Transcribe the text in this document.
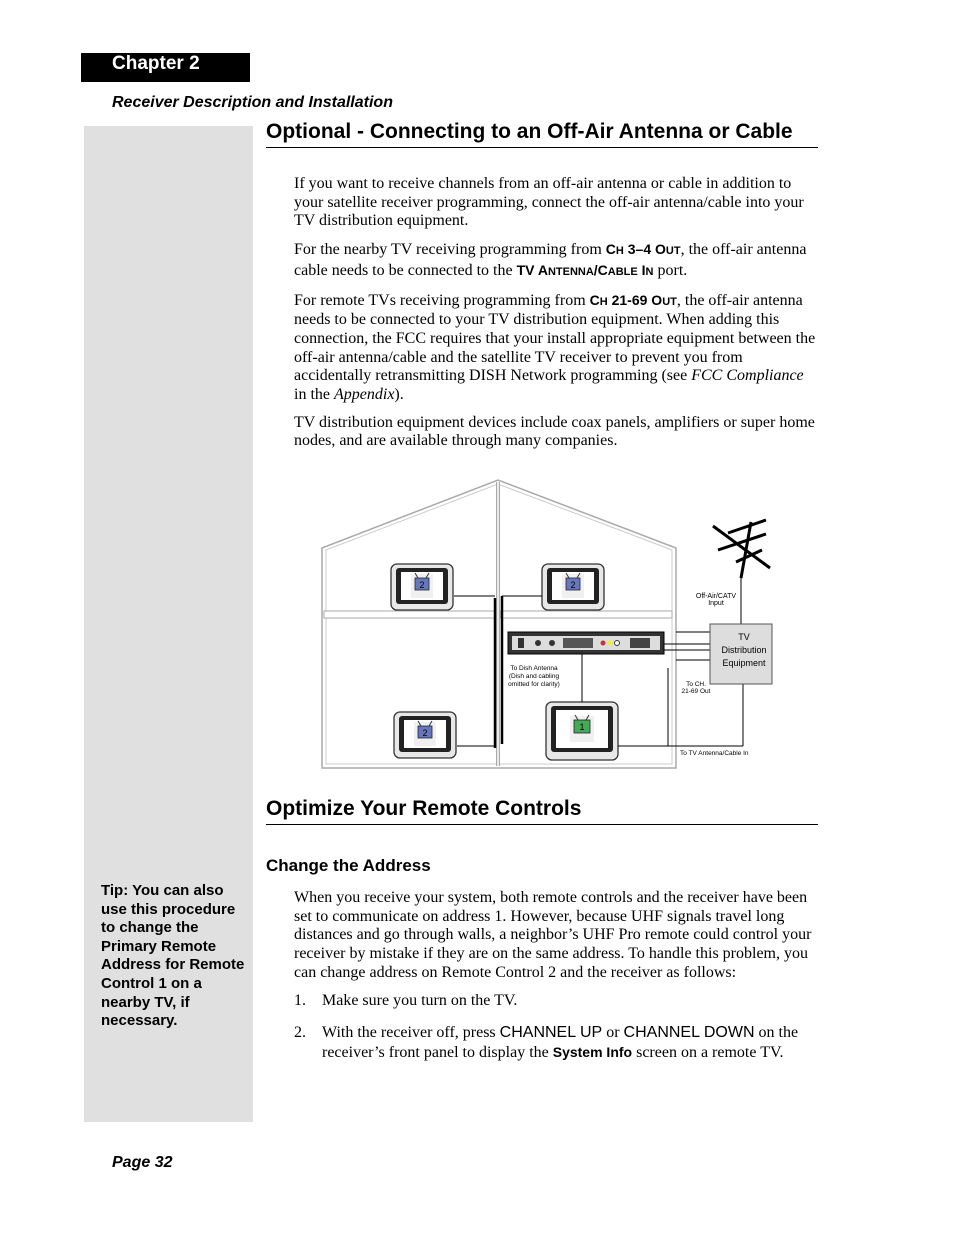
Chapter 2
Receiver Description and Installation
Optional - Connecting to an Off-Air Antenna or Cable

If you want to receive channels from an off-air antenna or cable in addition to your satellite receiver programming, connect the off-air antenna/cable into your TV distribution equipment.

For the nearby TV receiving programming from CH 3–4 OUT, the off-air antenna cable needs to be connected to the TV ANTENNA/CABLE IN port.

For remote TVs receiving programming from CH 21-69 OUT, the off-air antenna needs to be connected to your TV distribution equipment. When adding this connection, the FCC requires that your install appropriate equipment between the off-air antenna/cable and the satellite TV receiver to prevent you from accidentally retransmitting DISH Network programming (see FCC Compliance in the Appendix).

TV distribution equipment devices include coax panels, amplifiers or super home nodes, and are available through many companies.

2	2
2
1
TV
Distribution
Equipment
Off-Air/CATV
Input
To Dish Antenna
(Dish and cabling
omitted for clarity)	To CH.
21-69 Out
To TV Antenna/Cable In
Optimize Your Remote Controls
Change the Address

When you receive your system, both remote controls and the receiver have been set to communicate on address 1. However, because UHF signals travel long distances and go through walls, a neighbor’s UHF Pro remote could control your receiver by mistake if they are on the same address. To handle this problem, you can change address on Remote Control 2 and the receiver as follows:

1. Make sure you turn on the TV.
2. With the receiver off, press CHANNEL UP or CHANNEL DOWN on the receiver’s front panel to display the System Info screen on a remote TV.
Tip: You can also use this procedure to change the Primary Remote Address for Remote Control 1 on a nearby TV, if necessary.
Page 32
